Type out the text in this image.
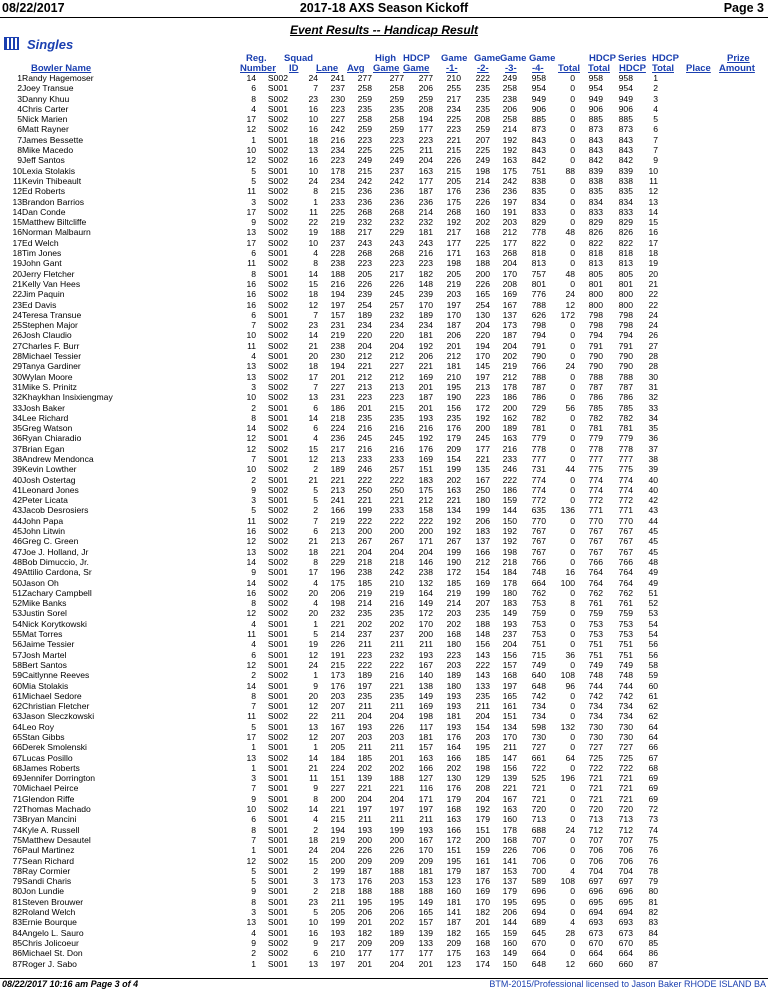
08/22/2017	2017-18 AXS Season Kickoff	Page 3
Event Results -- Handicap Result
Singles
Reg.
Number
Squad
ID Lane Avg
High
Game
HDCP
Game
Game
-1-
Game
-2-
Game
-3-
Game
-4- Total
HDCP
Total
Series
HDCP
HDCP
Total Place
Prize
Amount
Bowler Name
1	Randy Hagemoser	14	S002	24	241	277	277	277	210	222	249	958	0	958	958	1	
2	Joey Transue	6	S001	7	237	258	258	206	255	235	258	954	0	954	954	2	
3	Danny Khuu	8	S002	23	230	259	259	259	217	235	238	949	0	949	949	3	
4	Chris Carter	4	S001	16	223	235	235	208	234	235	206	906	0	906	906	4	
5	Nick Marien	17	S002	10	227	258	258	194	225	208	258	885	0	885	885	5	
6	Matt Rayner	12	S002	16	242	259	259	177	223	259	214	873	0	873	873	6	
7	James Bessette	1	S001	18	216	223	223	223	221	207	192	843	0	843	843	7	
8	Mike Macedo	10	S002	13	234	225	225	211	215	225	192	843	0	843	843	7	
9	Jeff Santos	12	S002	16	223	249	249	204	226	249	163	842	0	842	842	9	
10	Lexia Stolakis	5	S001	10	178	215	237	163	215	198	175	751	88	839	839	10	
11	Kevin Thibeault	5	S002	24	234	242	242	177	205	214	242	838	0	838	838	11	
12	Ed Roberts	11	S002	8	215	236	236	187	176	236	236	835	0	835	835	12	
13	Brandon Barrios	3	S002	1	233	236	236	236	175	226	197	834	0	834	834	13	
14	Dan Conde	17	S002	11	225	268	268	214	268	160	191	833	0	833	833	14	
15	Matthew Biltcliffe	9	S002	22	219	232	232	232	192	202	203	829	0	829	829	15	
16	Norman Malbaurn	13	S002	19	188	217	229	181	217	168	212	778	48	826	826	16	
17	Ed Welch	17	S002	10	237	243	243	243	177	225	177	822	0	822	822	17	
18	Tim Jones	6	S001	4	228	268	268	216	171	163	268	818	0	818	818	18	
19	John Gant	11	S002	8	238	223	223	223	198	188	204	813	0	813	813	19	
20	Jerry Fletcher	8	S001	14	188	205	217	182	205	200	170	757	48	805	805	20	
21	Kelly Van Hees	16	S002	15	216	226	226	148	219	226	208	801	0	801	801	21	
22	Jim Paquin	16	S002	18	194	239	245	239	203	165	169	776	24	800	800	22	
23	Ed Davis	16	S002	12	197	254	257	170	197	254	167	788	12	800	800	22	
24	Teresa Transue	6	S001	7	157	189	232	189	170	130	137	626	172	798	798	24	
25	Stephen Major	7	S002	23	231	234	234	234	187	204	173	798	0	798	798	24	
26	Josh Claudio	10	S002	14	219	220	220	181	206	220	187	794	0	794	794	26	
27	Charles F. Burr	11	S002	21	238	204	204	192	201	194	204	791	0	791	791	27	
28	Michael Tessier	4	S001	20	230	212	212	206	212	170	202	790	0	790	790	28	
29	Tanya Gardiner	13	S002	18	194	221	227	221	181	145	219	766	24	790	790	28	
30	Wylan Moore	13	S002	17	201	212	212	169	210	197	212	788	0	788	788	30	
31	Mike S. Prinitz	3	S002	7	227	213	213	201	195	213	178	787	0	787	787	31	
32	Khaykhan Insixiengmay	10	S002	13	231	223	223	187	190	223	186	786	0	786	786	32	
33	Josh Baker	2	S001	6	186	201	215	201	156	172	200	729	56	785	785	33	
34	Lee Richard	8	S001	14	218	235	235	193	235	192	162	782	0	782	782	34	
35	Greg Watson	14	S002	6	224	216	216	216	176	200	189	781	0	781	781	35	
36	Ryan Chiaradio	12	S001	4	236	245	245	192	179	245	163	779	0	779	779	36	
37	Brian Egan	12	S002	15	217	216	216	176	209	177	216	778	0	778	778	37	
38	Andrew Mendonca	7	S001	12	213	233	233	169	154	221	233	777	0	777	777	38	
39	Kevin Lowther	10	S002	2	189	246	257	151	199	135	246	731	44	775	775	39	
40	Josh Ostertag	2	S001	21	221	222	222	183	202	167	222	774	0	774	774	40	
41	Leonard Jones	9	S002	5	213	250	250	175	163	250	186	774	0	774	774	40	
42	Peter Licata	3	S001	5	241	221	221	212	221	180	159	772	0	772	772	42	
43	Jacob Desrosiers	5	S002	2	166	199	233	158	134	199	144	635	136	771	771	43	
44	John Papa	11	S002	7	219	222	222	222	192	206	150	770	0	770	770	44	
45	John Litwin	16	S002	6	213	200	200	200	192	183	192	767	0	767	767	45	
46	Greg C. Green	12	S002	21	213	267	267	171	267	137	192	767	0	767	767	45	
47	Joe J. Holland, Jr	13	S002	18	221	204	204	204	199	166	198	767	0	767	767	45	
48	Bob Dimuccio, Jr.	14	S002	8	229	218	218	146	190	212	218	766	0	766	766	48	
49	Attilio Cardona, Sr	9	S001	17	196	238	242	238	172	154	184	748	16	764	764	49	
50	Jason Oh	14	S002	4	175	185	210	132	185	169	178	664	100	764	764	49	
51	Zachary Campbell	16	S002	20	206	219	219	164	219	199	180	762	0	762	762	51	
52	Mike Banks	8	S002	4	198	214	216	149	214	207	183	753	8	761	761	52	
53	Justin Sorel	12	S002	20	232	235	235	172	203	235	149	759	0	759	759	53	
54	Nick Korytkowski	4	S001	1	221	202	202	170	202	188	193	753	0	753	753	54	
55	Mat Torres	11	S001	5	214	237	237	200	168	148	237	753	0	753	753	54	
56	Jaime Tessier	4	S001	19	226	211	211	211	180	156	204	751	0	751	751	56	
57	Josh Martel	6	S001	12	191	223	232	193	223	143	156	715	36	751	751	56	
58	Bert Santos	12	S001	24	215	222	222	167	203	222	157	749	0	749	749	58	
59	Caitlynne Reeves	2	S002	1	173	189	216	140	189	143	168	640	108	748	748	59	
60	Mia Stolakis	14	S001	9	176	197	221	138	180	133	197	648	96	744	744	60	
61	Michael Sedore	8	S001	20	203	235	235	149	193	235	165	742	0	742	742	61	
62	Christian Fletcher	7	S001	12	207	211	211	169	193	211	161	734	0	734	734	62	
63	Jason Sleczkowski	11	S002	22	211	204	204	198	181	204	151	734	0	734	734	62	
64	Leo Roy	5	S001	13	167	193	226	117	193	154	134	598	132	730	730	64	
65	Stan Gibbs	17	S002	12	207	203	203	181	176	203	170	730	0	730	730	64	
66	Derek Smolenski	1	S001	1	205	211	211	157	164	195	211	727	0	727	727	66	
67	Lucas Posillo	13	S002	14	184	185	201	163	166	185	147	661	64	725	725	67	
68	James Roberts	1	S001	21	224	202	202	166	202	198	156	722	0	722	722	68	
69	Jennifer Dorrington	3	S001	11	151	139	188	127	130	129	139	525	196	721	721	69	
70	Michael Peirce	7	S001	9	227	221	221	116	176	208	221	721	0	721	721	69	
71	Glendon Riffe	9	S001	8	200	204	204	171	179	204	167	721	0	721	721	69	
72	Thomas Machado	10	S002	14	221	197	197	197	168	192	163	720	0	720	720	72	
73	Bryan Mancini	6	S001	4	215	211	211	211	163	179	160	713	0	713	713	73	
74	Kyle A. Russell	8	S001	2	194	193	199	193	166	151	178	688	24	712	712	74	
75	Matthew Desautel	7	S001	18	219	200	200	167	172	200	168	707	0	707	707	75	
76	Paul Martinez	1	S001	24	204	226	226	170	151	159	226	706	0	706	706	76	
77	Sean Richard	12	S002	15	200	209	209	209	195	161	141	706	0	706	706	76	
78	Ray Cormier	5	S001	2	199	187	188	181	179	187	153	700	4	704	704	78	
79	Sandi Charis	5	S001	3	173	176	203	153	123	176	137	589	108	697	697	79	
80	Jon Lundie	9	S001	2	218	188	188	188	160	169	179	696	0	696	696	80	
81	Steven Brouwer	8	S001	23	211	195	195	149	181	170	195	695	0	695	695	81	
82	Roland Welch	3	S001	5	205	206	206	165	141	182	206	694	0	694	694	82	
83	Ernie Bourque	13	S001	10	199	201	202	157	187	201	144	689	4	693	693	83	
84	Angelo L. Sauro	4	S001	16	193	182	189	139	182	165	159	645	28	673	673	84	
85	Chris Jolicoeur	9	S002	9	217	209	209	133	209	168	160	670	0	670	670	85	
86	Michael St. Don	2	S002	6	210	177	177	177	175	163	149	664	0	664	664	86	
87	Roger J. Sabo	1	S001	13	197	201	204	201	123	174	150	648	12	660	660	87	
08/22/2017 10:16 am Page 3 of 4	BTM-2015/Professional licensed to Jason Baker RHODE ISLAND BA
